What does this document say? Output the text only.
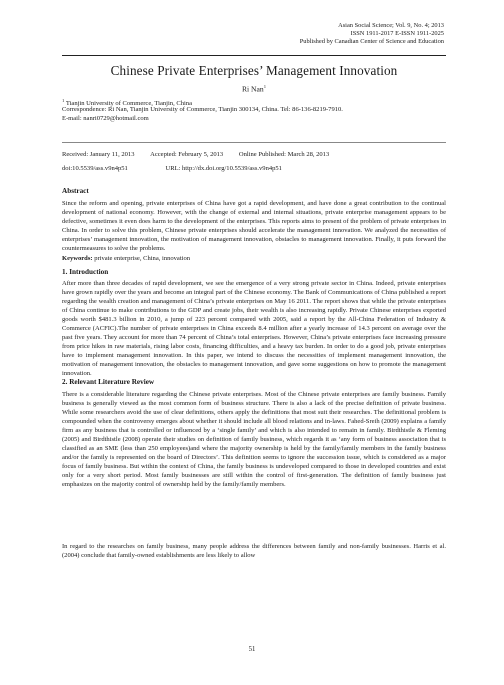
Asian Social Science; Vol. 9, No. 4; 2013
ISSN 1911-2017 E-ISSN 1911-2025
Published by Canadian Center of Science and Education
Chinese Private Enterprises’ Management Innovation
Ri Nan$^1$
$^1$ Tianjin University of Commerce, Tianjin, China
Correspondence: Ri Nan, Tianjin University of Commerce, Tianjin 300134, China. Tel: 86-136-8219-7910.
E-mail: nanri0729@hotmail.com
Received: January 11, 2013 Accepted: February 5, 2013 Online Published: March 28, 2013
doi:10.5539/ass.v9n4p51	URL: http://dx.doi.org/10.5539/ass.v9n4p51
Abstract
Since the reform and opening, private enterprises of China have got a rapid development, and have done a great contribution to the continual development of national economy. However, with the change of external and internal situations, private enterprise management appears to be defective, sometimes it even does harm to the development of the enterprises. This reports aims to present of the problem of private enterprises in China. In order to solve this problem, Chinese private enterprises should accelerate the management innovation. We analyzed the necessities of enterprises’ management innovation, the motivation of management innovation, obstacles to management innovation. Finally, it puts forward the countermeasures to solve the problems.
Keywords: private enterprise, China, innovation
1. Introduction
After more than three decades of rapid development, we see the emergence of a very strong private sector in China. Indeed, private enterprises have grown rapidly over the years and become an integral part of the Chinese economy. The Bank of Communications of China published a report regarding the wealth creation and management of China’s private enterprises on May 16 2011. The report shows that while the private enterprises of China continue to make contributions to the GDP and create jobs, their wealth is also increasing rapidly. Private Chinese enterprises exported goods worth $481.3 billion in 2010, a jump of 223 percent compared with 2005, said a report by the All-China Federation of Industry & Commerce (ACFIC).The number of private enterprises in China exceeds 8.4 million after a yearly increase of 14.3 percent on average over the past five years. They account for more than 74 percent of China’s total enterprises. However, China’s private enterprises face increasing pressure from price hikes in raw materials, rising labor costs, financing difficulties, and a heavy tax burden. In order to do a good job, private enterprises have to implement management innovation. In this paper, we intend to discuss the necessities of implement management innovation, the motivation of management innovation, the obstacles to management innovation, and gave some suggestions on how to promote the management innovation.
2. Relevant Literature Review
There is a considerable literature regarding the Chinese private enterprises. Most of the Chinese private enterprises are family business. Family business is generally viewed as the most common form of business structure. There is also a lack of the precise definition of private business. While some researchers avoid the use of clear definitions, others apply the definitions that most suit their researches. The definitional problem is compounded when the controversy emerges about whether it should include all blood relations and in-laws. Fahed-Sreih (2009) explains a family firm as any business that is controlled or influenced by a ‘single family’ and which is also intended to remain in family. Birdthistle & Fleming (2005) and Birdthistle (2008) operate their studies on definition of family business, which regards it as ‘any form of business association that is classified as an SME (less than 250 employees)and where the majority ownership is held by the family/family members in the family business and/or the family is represented on the board of Directors’. This definition seems to ignore the succession issue, which is considered as a major focus of family business. But within the context of China, the family business is undeveloped compared to those in developed countries and exist only for a very short period. Most family businesses are still within the control of first-generation. The definition of family business just emphasizes on the majority control of ownership held by the family/family members.
In regard to the researches on family business, many people address the differences between family and non-family businesses. Harris et al. (2004) conclude that family-owned establishments are less likely to allow
51
